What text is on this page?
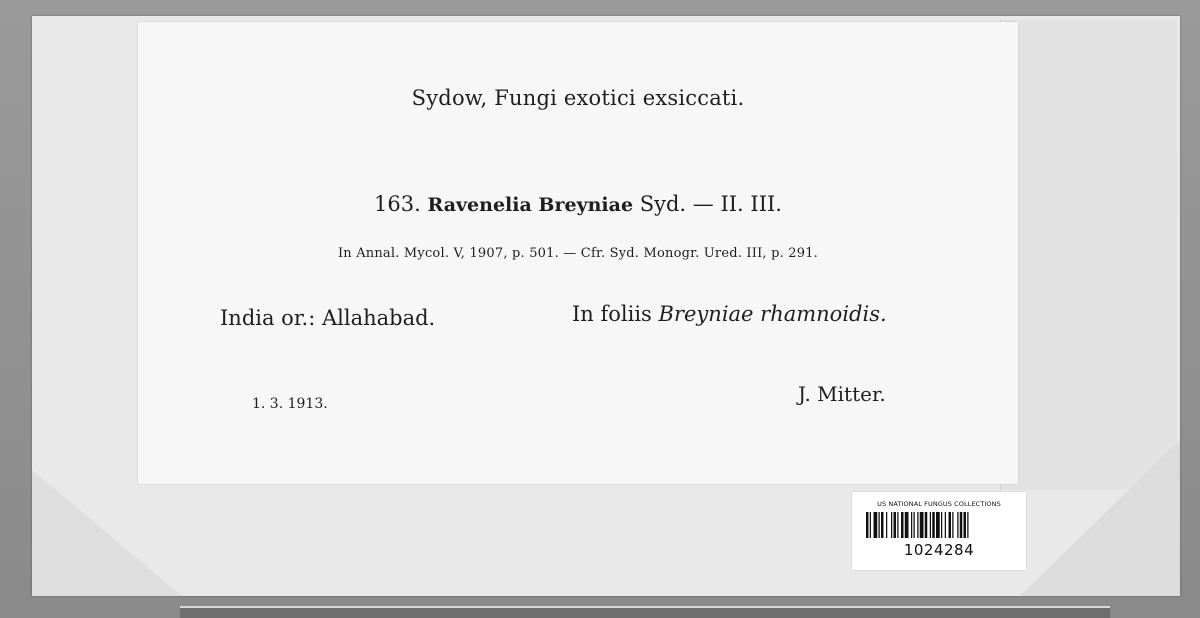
Sydow, Fungi exotici exsiccati.
163. Ravenelia Breyniae Syd. — II. III.
In Annal. Mycol. V, 1907, p. 501. — Cfr. Syd. Monogr. Ured. III, p. 291.
India or.: Allahabad.	In foliis Breyniae rhamnoidis.
1. 3. 1913.	J. Mitter.
US NATIONAL FUNGUS COLLECTIONS
1024284
